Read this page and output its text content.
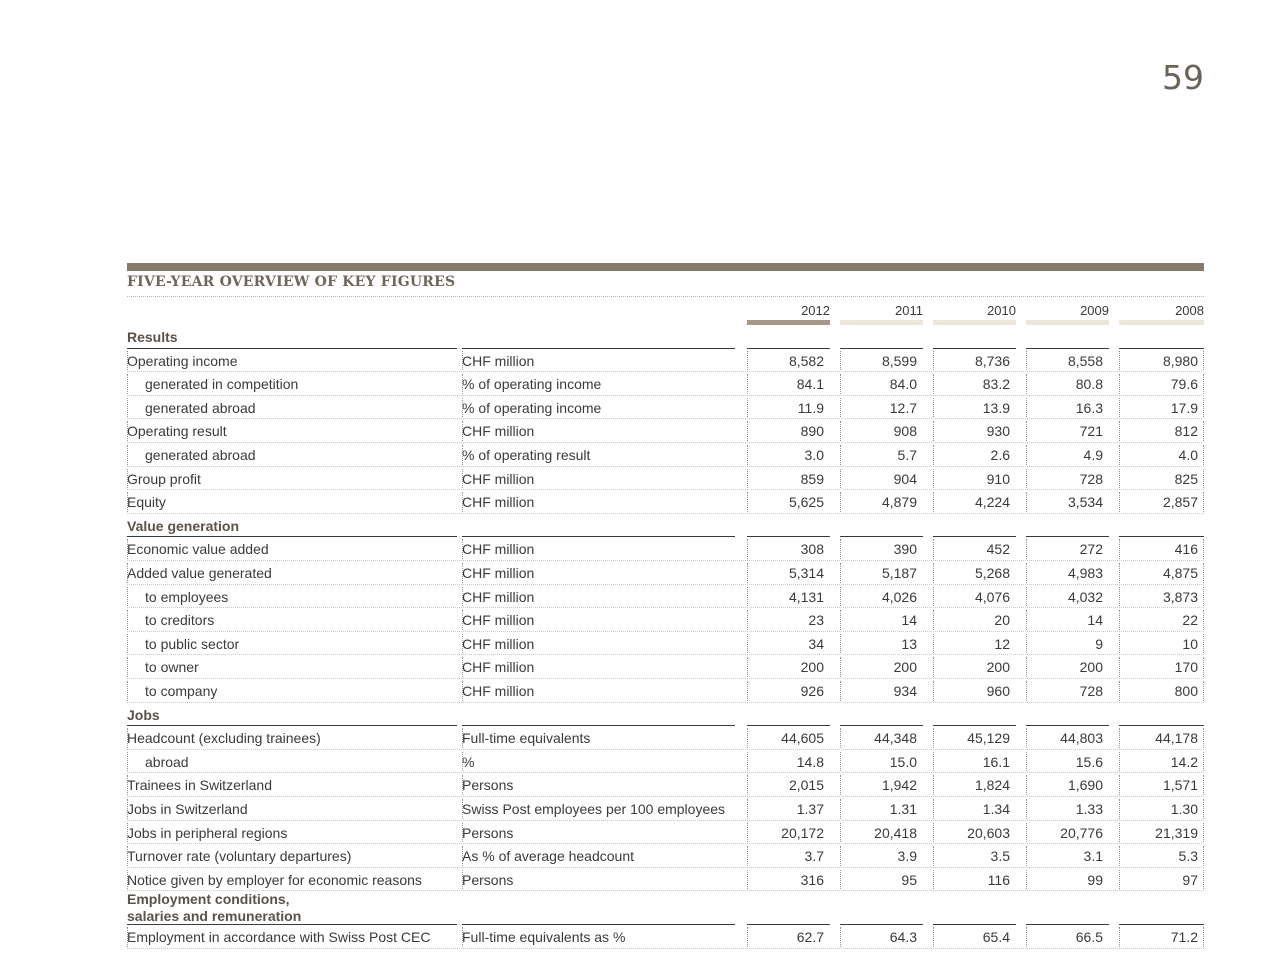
59
FIVE-YEAR OVERVIEW OF KEY FIGURES
2012	2011	2010	2009	2008
Results
Operating income	CHF million	8,582	8,599	8,736	8,558	8,980
generated in competition	% of operating income	84.1	84.0	83.2	80.8	79.6
generated abroad	% of operating income	11.9	12.7	13.9	16.3	17.9
Operating result	CHF million	890	908	930	721	812
generated abroad	% of operating result	3.0	5.7	2.6	4.9	4.0
Group profit	CHF million	859	904	910	728	825
Equity	CHF million	5,625	4,879	4,224	3,534	2,857
Value generation
Economic value added	CHF million	308	390	452	272	416
Added value generated	CHF million	5,314	5,187	5,268	4,983	4,875
to employees	CHF million	4,131	4,026	4,076	4,032	3,873
to creditors	CHF million	23	14	20	14	22
to public sector	CHF million	34	13	12	9	10
to owner	CHF million	200	200	200	200	170
to company	CHF million	926	934	960	728	800
Jobs
Headcount (excluding trainees)	Full-time equivalents	44,605	44,348	45,129	44,803	44,178
abroad	%	14.8	15.0	16.1	15.6	14.2
Trainees in Switzerland	Persons	2,015	1,942	1,824	1,690	1,571
Jobs in Switzerland	Swiss Post employees per 100 employees	1.37	1.31	1.34	1.33	1.30
Jobs in peripheral regions	Persons	20,172	20,418	20,603	20,776	21,319
Turnover rate (voluntary departures)	As % of average headcount	3.7	3.9	3.5	3.1	5.3
Notice given by employer for economic reasons	Persons	316	95	116	99	97
Employment conditions, salaries and remuneration
Employment in accordance with Swiss Post CEC	Full-time equivalents as %	62.7	64.3	65.4	66.5	71.2
